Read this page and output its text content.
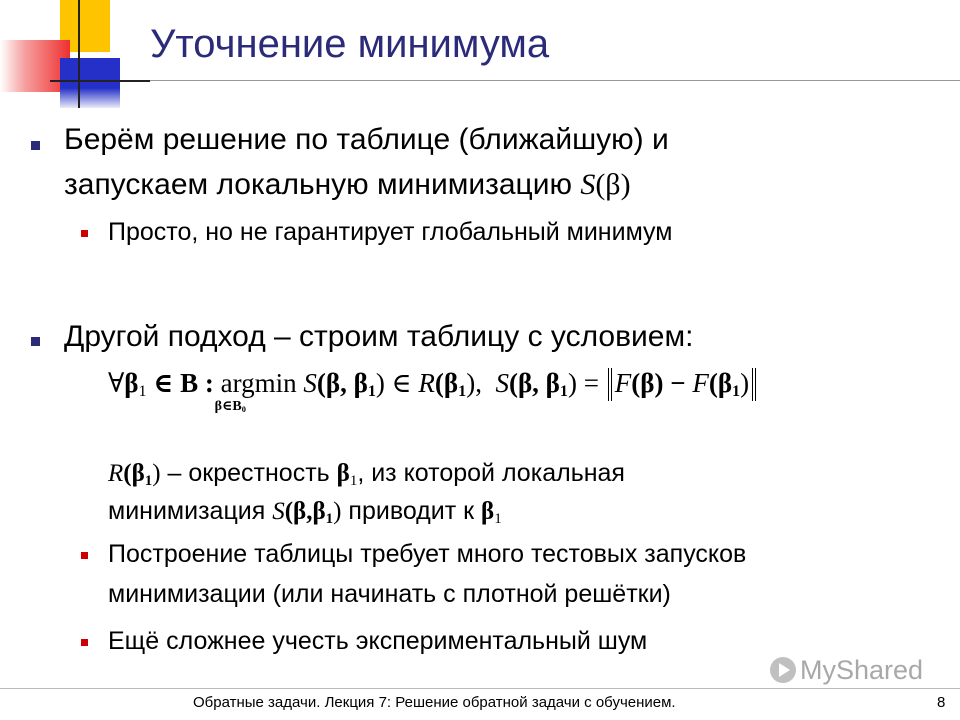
Уточнение минимума
Берём решение по таблице (ближайшую) и
запускаем локальную минимизацию S(β)
Просто, но не гарантирует глобальный минимум
Другой подход – строим таблицу с условием:
$\forall\beta_1$ ∈ B : argmin
$\beta\in B_0$
S(β, $\beta_1$) ∈ $R(\beta_1)$, S(β, $\beta_1) = F(\beta) - F(\beta_1)$
$R(\beta_1)$ – окрестность $\beta_1$, из которой локальная
минимизация $S(\beta,\beta_1)$ приводит к $\beta_1$
Построение таблицы требует много тестовых запусков
минимизации (или начинать с плотной решётки)
Ещё сложнее учесть экспериментальный шум
MyShared
Обратные задачи. Лекция 7: Решение обратной задачи с обучением.	8
